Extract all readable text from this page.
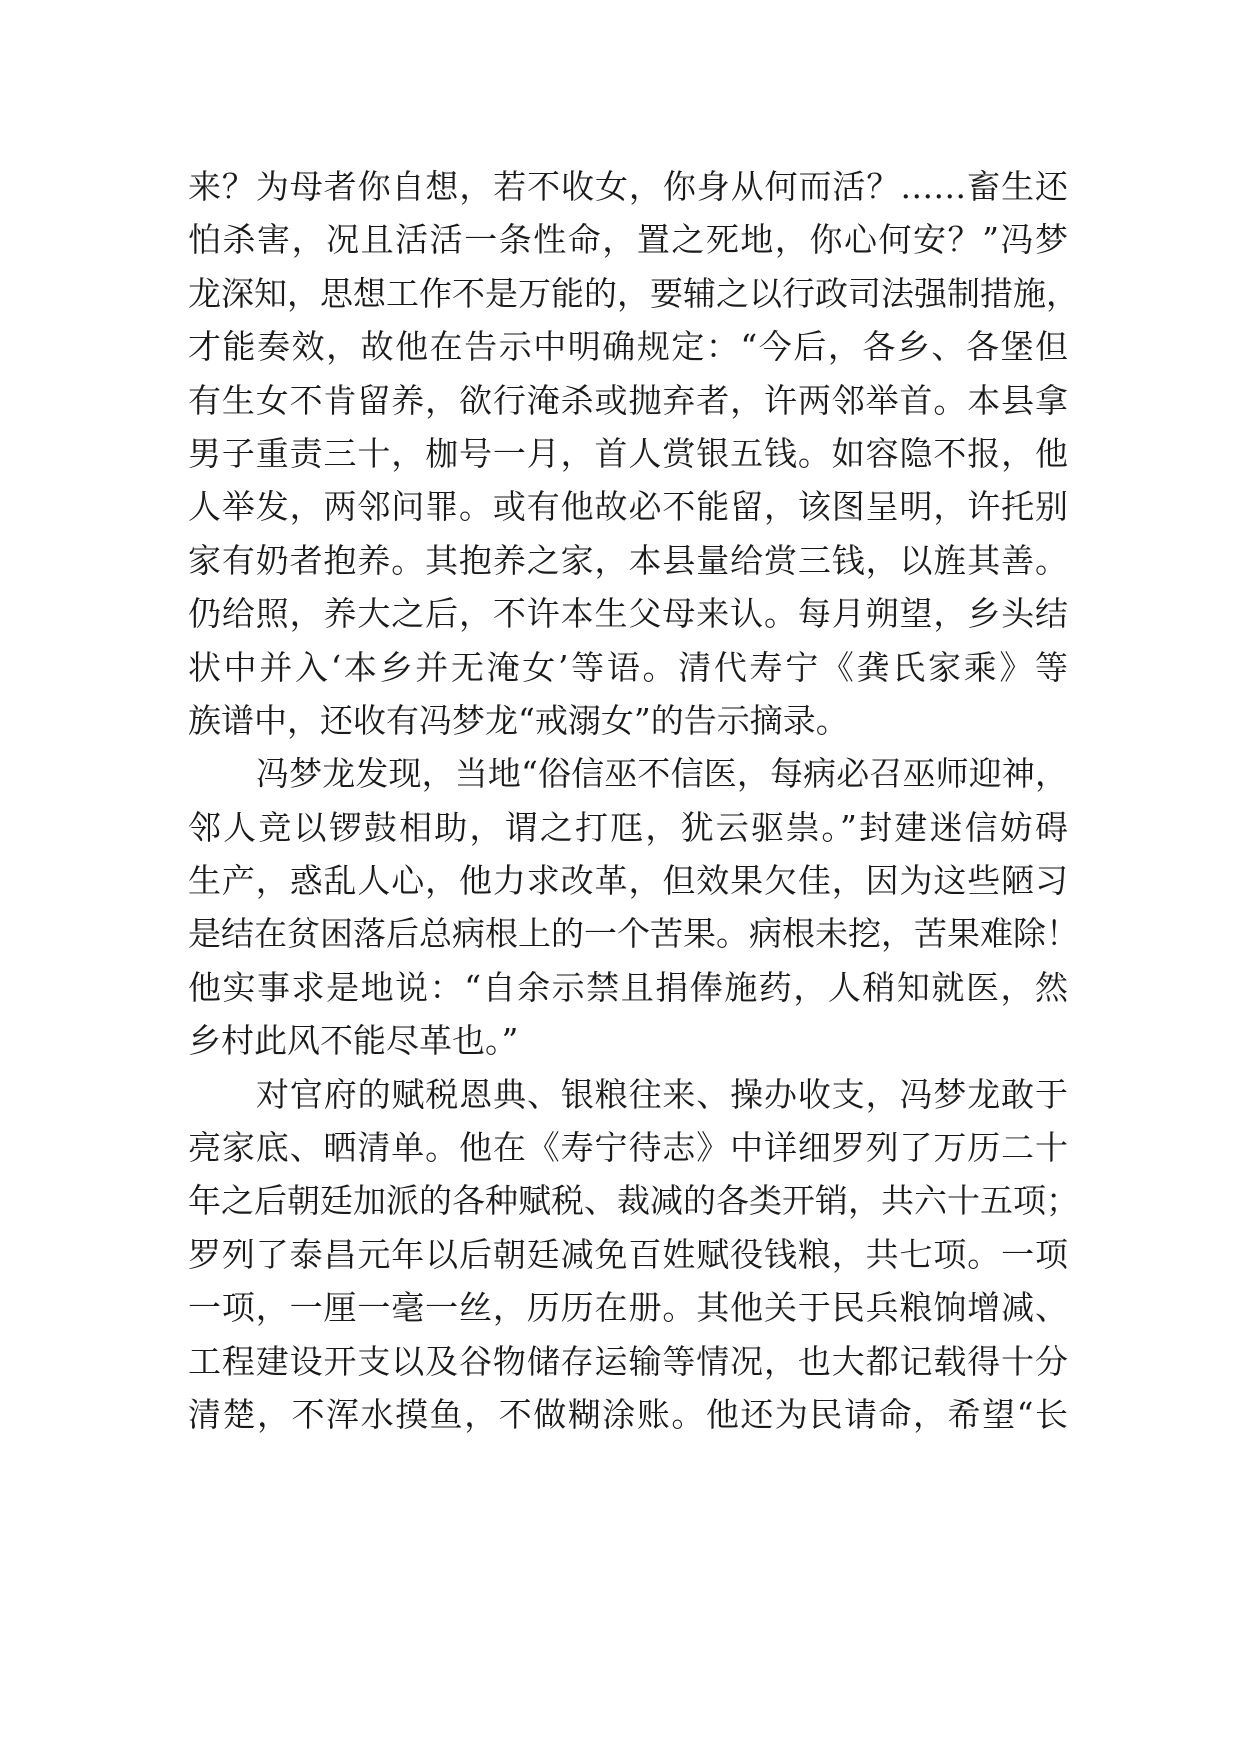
来？为母者你自想，若不收女，你身从何而活？……畜生还
怕杀害，况且活活一条性命，置之死地，你心何安？”冯梦
龙深知，思想工作不是万能的，要辅之以行政司法强制措施，
才能奏效，故他在告示中明确规定：“今后，各乡、各堡但
有生女不肯留养，欲行淹杀或抛弃者，许两邻举首。本县拿
男子重责三十，枷号一月，首人赏银五钱。如容隐不报，他
人举发，两邻问罪。或有他故必不能留，该图呈明，许托别
家有奶者抱养。其抱养之家，本县量给赏三钱，以旌其善。
仍给照，养大之后，不许本生父母来认。每月朔望，乡头结
状中并入‘本乡并无淹女’等语。清代寿宁《龚氏家乘》等
族谱中，还收有冯梦龙“戒溺女”的告示摘录。
冯梦龙发现，当地“俗信巫不信医，每病必召巫师迎神，
邻人竞以锣鼓相助，谓之打尫，犹云驱祟。”封建迷信妨碍
生产，惑乱人心，他力求改革，但效果欠佳，因为这些陋习
是结在贫困落后总病根上的一个苦果。病根未挖，苦果难除！
他实事求是地说：“自余示禁且捐俸施药，人稍知就医，然
乡村此风不能尽革也。”
对官府的赋税恩典、银粮往来、操办收支，冯梦龙敢于
亮家底、晒清单。他在《寿宁待志》中详细罗列了万历二十
年之后朝廷加派的各种赋税、裁减的各类开销，共六十五项；
罗列了泰昌元年以后朝廷减免百姓赋役钱粮，共七项。一项
一项，一厘一毫一丝，历历在册。其他关于民兵粮饷增减、
工程建设开支以及谷物储存运输等情况，也大都记载得十分
清楚，不浑水摸鱼，不做糊涂账。他还为民请命，希望“长
